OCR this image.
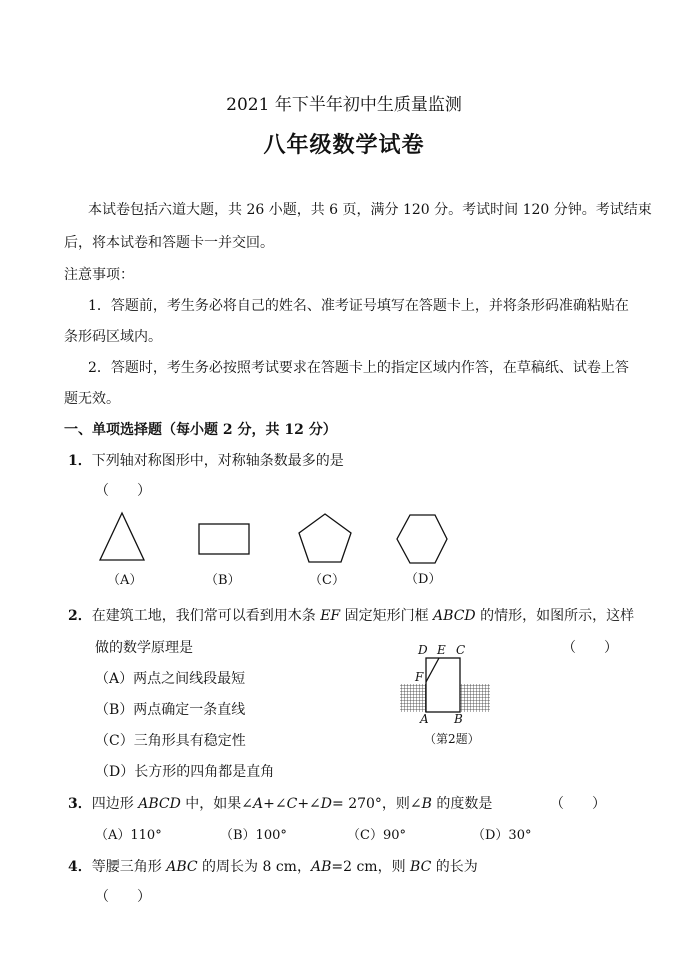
2021 年下半年初中生质量监测
八年级数学试卷
本试卷包括六道大题，共 26 小题，共 6 页，满分 120 分。考试时间 120 分钟。考试结束
后，将本试卷和答题卡一并交回。
注意事项：
1．答题前，考生务必将自己的姓名、准考证号填写在答题卡上，并将条形码准确粘贴在
条形码区域内。
2．答题时，考生务必按照考试要求在答题卡上的指定区域内作答，在草稿纸、试卷上答
题无效。
一、单项选择题（每小题 2 分，共 12 分）
1．下列轴对称图形中，对称轴条数最多的是
（　　）
（A）	（B）	（C）	（D）
2．在建筑工地，我们常可以看到用木条 EF 固定矩形门框 ABCD 的情形，如图所示，这样
做的数学原理是	（　　）
（A）两点之间线段最短
（B）两点确定一条直线
（C）三角形具有稳定性
（D）长方形的四角都是直角
D E C
F
A B
（第2题）
3．四边形 ABCD 中，如果∠A+∠C+∠D= 270°，则∠B 的度数是	（　　）
（A）110°	（B）100°	（C）90°	（D）30°
4．等腰三角形 ABC 的周长为 8 cm，AB=2 cm，则 BC 的长为
（　　）
